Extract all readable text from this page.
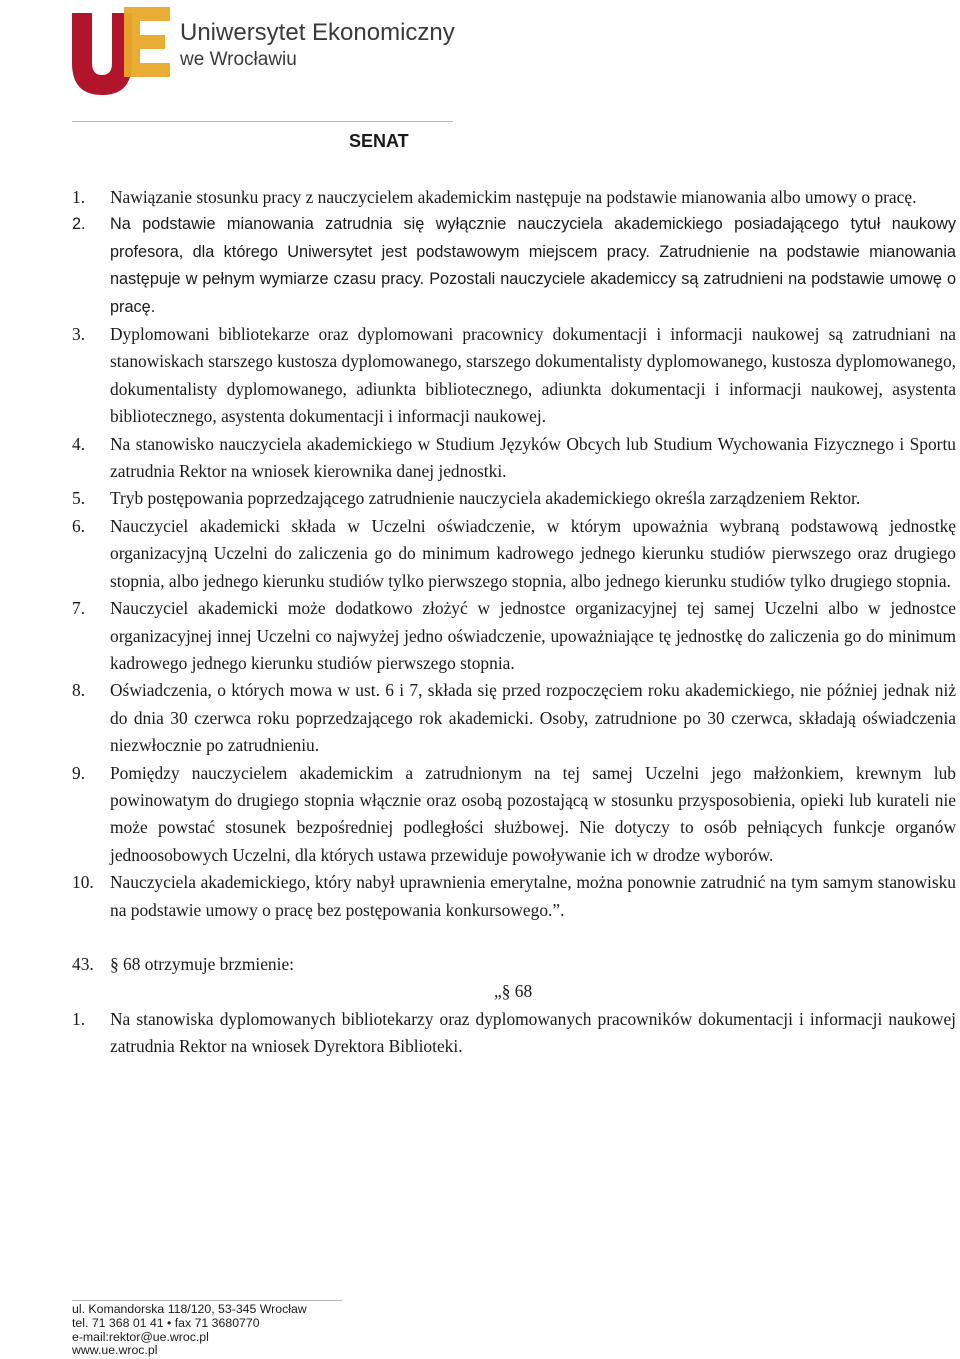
Uniwersytet Ekonomiczny
we Wrocławiu
SENAT
1.	Nawiązanie stosunku pracy z nauczycielem akademickim następuje na podstawie mianowania albo umowy o pracę.
2.	Na podstawie mianowania zatrudnia się wyłącznie nauczyciela akademickiego posiadającego tytuł naukowy profesora, dla którego Uniwersytet jest podstawowym miejscem pracy. Zatrudnienie na podstawie mianowania następuje w pełnym wymiarze czasu pracy. Pozostali nauczyciele akademiccy są zatrudnieni na podstawie umowę o pracę.
3.	Dyplomowani bibliotekarze oraz dyplomowani pracownicy dokumentacji i informacji naukowej są zatrudniani na stanowiskach starszego kustosza dyplomowanego, starszego dokumentalisty dyplomowanego, kustosza dyplomowanego, dokumentalisty dyplomowanego, adiunkta bibliotecznego, adiunkta dokumentacji i informacji naukowej, asystenta bibliotecznego, asystenta dokumentacji i informacji naukowej.
4.	Na stanowisko nauczyciela akademickiego w Studium Języków Obcych lub Studium Wychowania Fizycznego i Sportu zatrudnia Rektor na wniosek kierownika danej jednostki.
5.	Tryb postępowania poprzedzającego zatrudnienie nauczyciela akademickiego określa zarządzeniem Rektor.
6.	Nauczyciel akademicki składa w Uczelni oświadczenie, w którym upoważnia wybraną podstawową jednostkę organizacyjną Uczelni do zaliczenia go do minimum kadrowego jednego kierunku studiów pierwszego oraz drugiego stopnia, albo jednego kierunku studiów tylko pierwszego stopnia, albo jednego kierunku studiów tylko drugiego stopnia.
7.	Nauczyciel akademicki może dodatkowo złożyć w jednostce organizacyjnej tej samej Uczelni albo w jednostce organizacyjnej innej Uczelni co najwyżej jedno oświadczenie, upoważniające tę jednostkę do zaliczenia go do minimum kadrowego jednego kierunku studiów pierwszego stopnia.
8.	Oświadczenia, o których mowa w ust. 6 i 7, składa się przed rozpoczęciem roku akademickiego, nie później jednak niż do dnia 30 czerwca roku poprzedzającego rok akademicki. Osoby, zatrudnione po 30 czerwca, składają oświadczenia niezwłocznie po zatrudnieniu.
9.	Pomiędzy nauczycielem akademickim a zatrudnionym na tej samej Uczelni jego małżonkiem, krewnym lub powinowatym do drugiego stopnia włącznie oraz osobą pozostającą w stosunku przysposobienia, opieki lub kurateli nie może powstać stosunek bezpośredniej podległości służbowej. Nie dotyczy to osób pełniących funkcje organów jednoosobowych Uczelni, dla których ustawa przewiduje powoływanie ich w drodze wyborów.
10. Nauczyciela akademickiego, który nabył uprawnienia emerytalne, można ponownie zatrudnić na tym samym stanowisku na podstawie umowy o pracę bez postępowania konkursowego.”.
43. § 68 otrzymuje brzmienie:
„§ 68
1.	Na stanowiska dyplomowanych bibliotekarzy oraz dyplomowanych pracowników dokumentacji i informacji naukowej zatrudnia Rektor na wniosek Dyrektora Biblioteki.
ul. Komandorska 118/120, 53-345 Wrocław
tel. 71 368 01 41 • fax 71 3680770
e-mail:rektor@ue.wroc.pl
www.ue.wroc.pl
